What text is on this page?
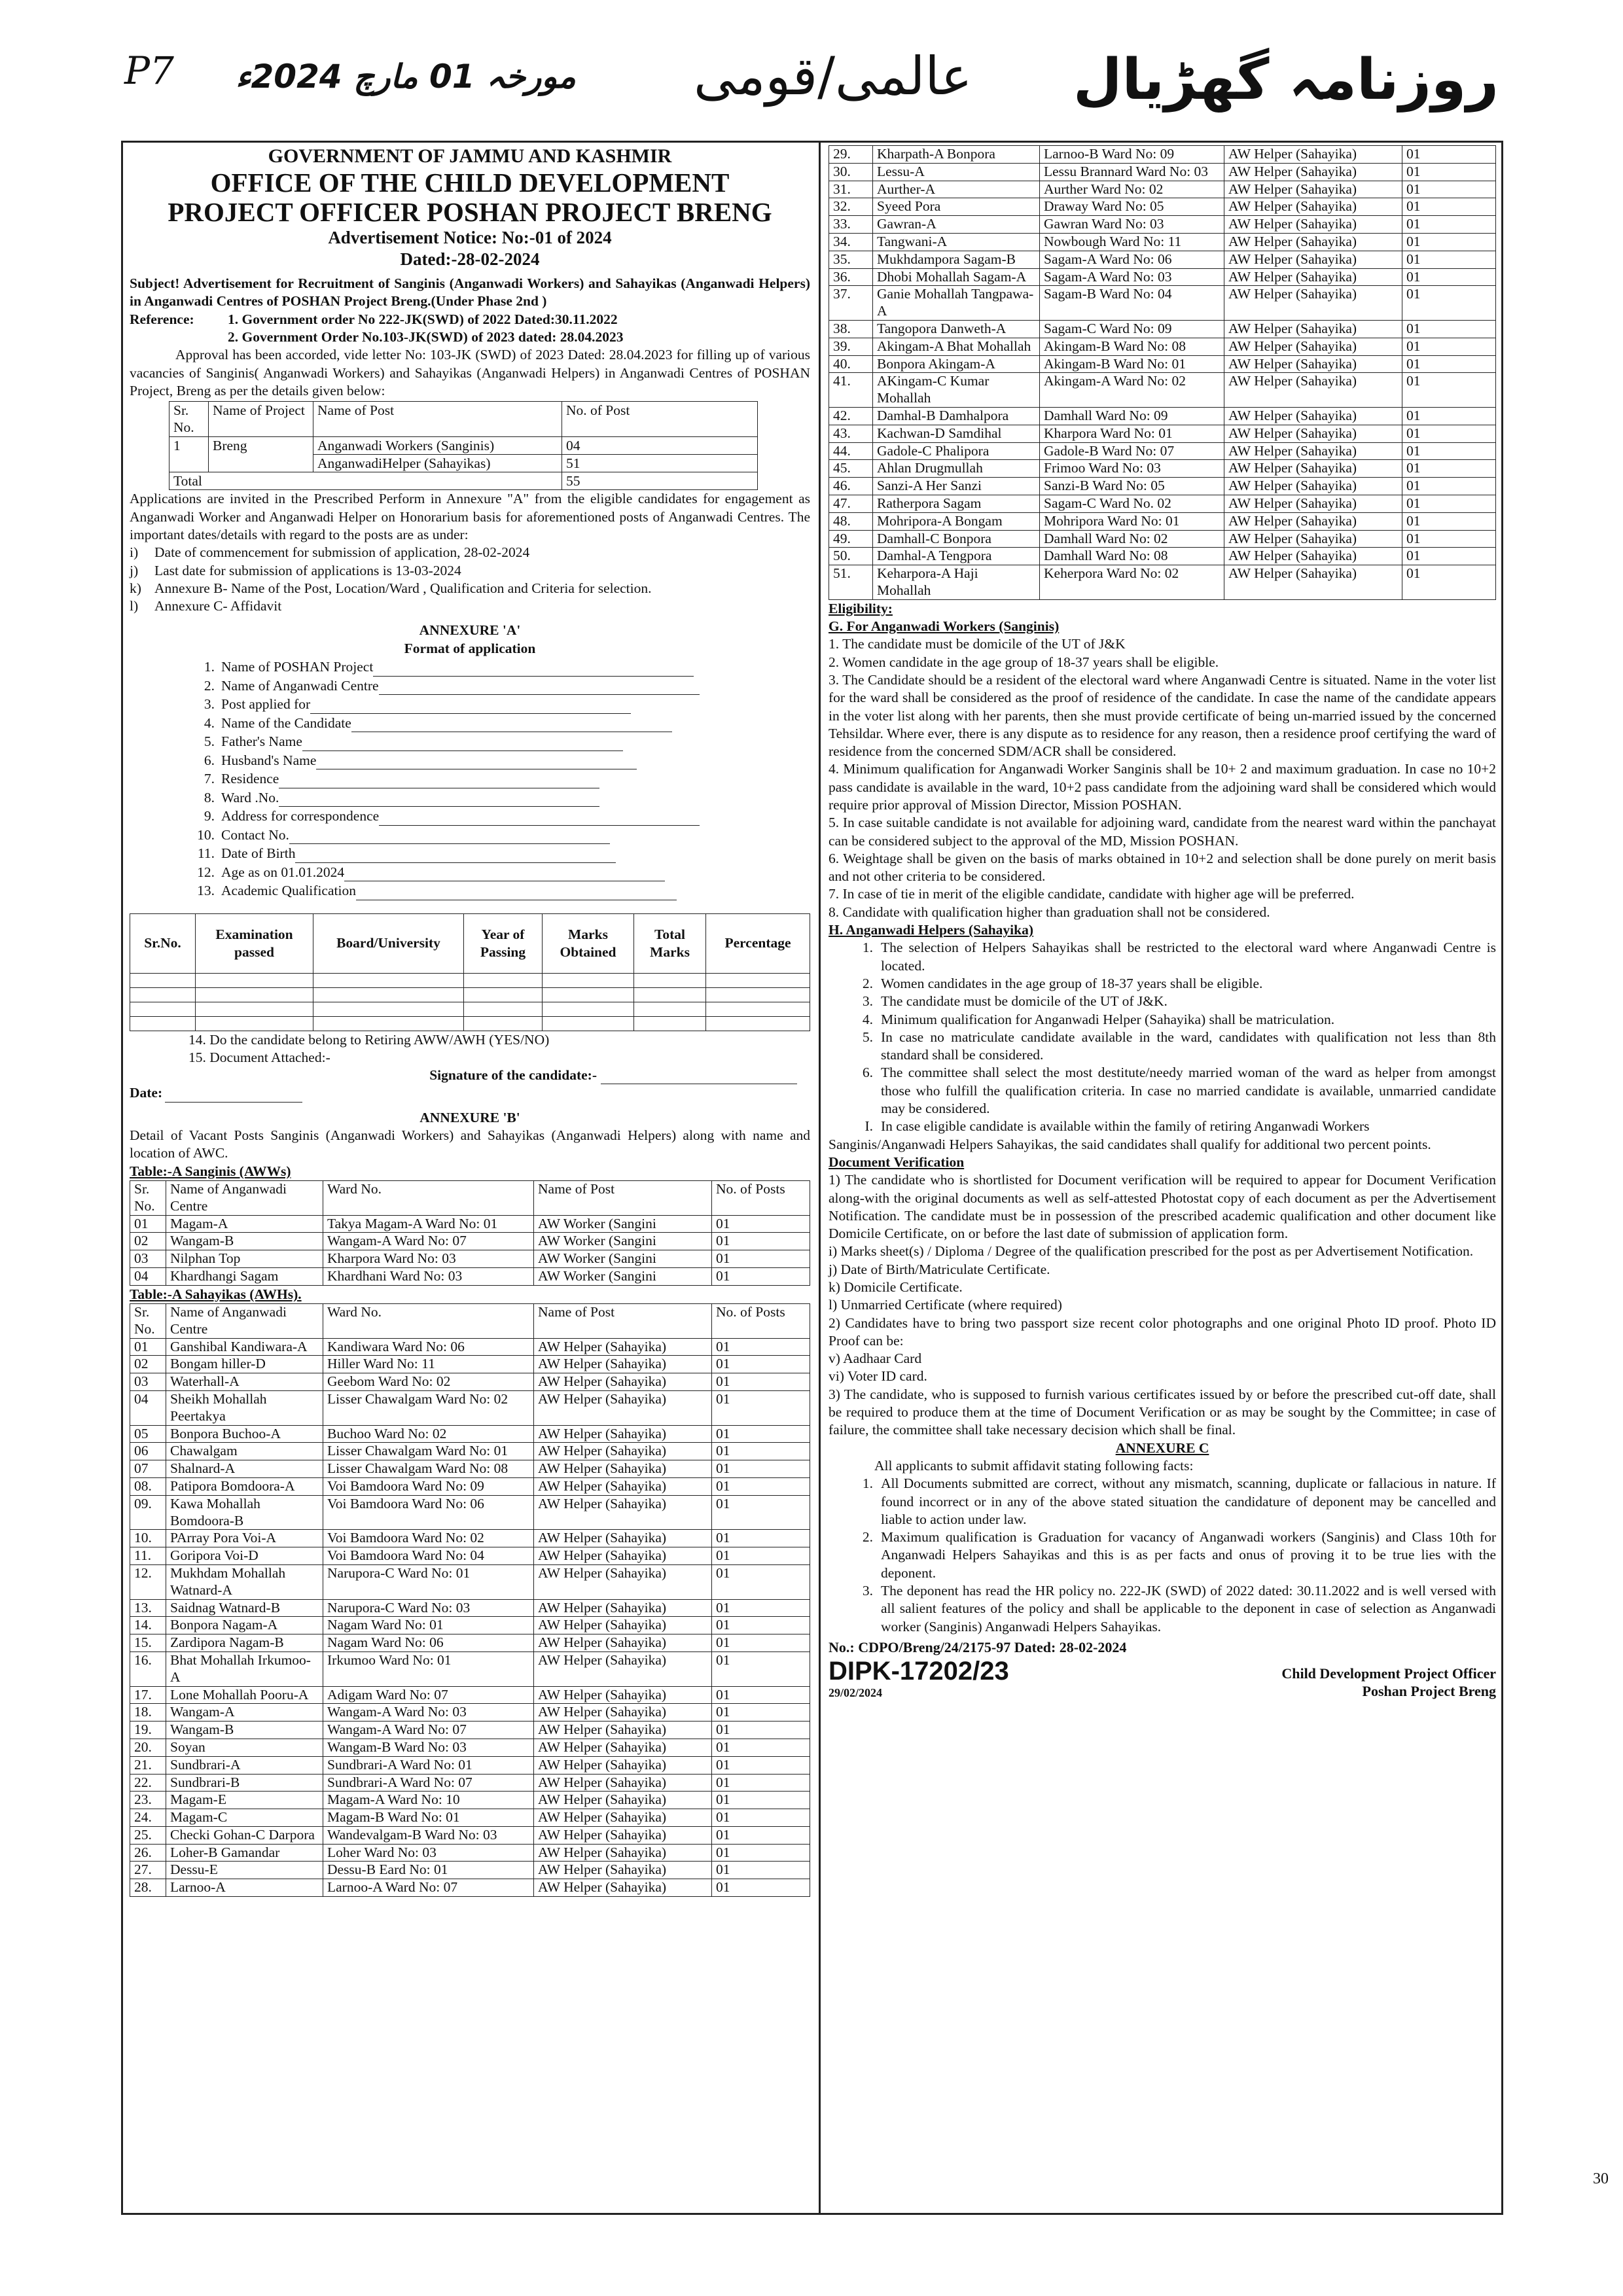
P7 مورخہ 01 مارچ 2024ء عالمی/قومی روزنامہ گھڑیال
GOVERNMENT OF JAMMU AND KASHMIR
OFFICE OF THE CHILD DEVELOPMENT
PROJECT OFFICER POSHAN PROJECT BRENG
Advertisement Notice: No:-01 of 2024
Dated:-28-02-2024

Subject! Advertisement for Recruitment of Sanginis (Anganwadi Workers) and Sahayikas (Anganwadi Helpers) in Anganwadi Centres of POSHAN Project Breng.(Under Phase 2nd )

Reference:	1. Government order No 222-JK(SWD) of 2022 Dated:30.11.2022
2. Government Order No.103-JK(SWD) of 2023 dated: 28.04.2023

Approval has been accorded, vide letter No: 103-JK (SWD) of 2023 Dated: 28.04.2023 for filling up of various vacancies of Sanginis( Anganwadi Workers) and Sahayikas (Anganwadi Helpers) in Anganwadi Centres of POSHAN Project, Breng as per the details given below:

Sr. No.	Name of Project	Name of Post	No. of Post
1	Breng	Anganwadi Workers (Sanginis)	04
		AnganwadiHelper (Sahayikas)	51
Total			55

Applications are invited in the Prescribed Perform in Annexure "A" from the eligible candidates for engagement as Anganwadi Worker and Anganwadi Helper on Honorarium basis for aforementioned posts of Anganwadi Centres. The important dates/details with regard to the posts are as under:

i)	Date of commencement for submission of application, 28-02-2024
j)	Last date for submission of applications is 13-03-2024
k) Annexure B- Name of the Post, Location/Ward , Qualification and Criteria for selection.
l)	Annexure C- Affidavit
ANNEXURE 'A'
Format of application
1. Name of POSHAN Project
2. Name of Anganwadi Centre
3. Post applied for
4. Name of the Candidate
5. Father's Name
6. Husband's Name
7. Residence
8. Ward .No.
9. Address for correspondence
10. Contact No.
11. Date of Birth
12. Age as on 01.01.2024
13. Academic Qualification
Sr.No.	Examination passed	Board/University	Year of Passing	Marks Obtained	Total Marks	Percentage

14. Do the candidate belong to Retiring AWW/AWH (YES/NO)
15. Document Attached:-
Signature of the candidate:-
Date:
ANNEXURE 'B'

Detail of Vacant Posts Sanginis (Anganwadi Workers) and Sahayikas (Anganwadi Helpers) along with name and location of AWC.

Table:-A Sanginis (AWWs)
Sr. No.	Name of Anganwadi Centre	Ward No.	Name of Post	No. of Posts
01	Magam-A	Takya Magam-A Ward No: 01	AW Worker (Sangini	01
02	Wangam-B	Wangam-A Ward No: 07	AW Worker (Sangini	01
03	Nilphan Top	Kharpora Ward No: 03	AW Worker (Sangini	01
04	Khardhangi Sagam	Khardhani Ward No: 03	AW Worker (Sangini	01
Table:-A Sahayikas (AWHs).
Sr. No.	Name of Anganwadi Centre	Ward No.	Name of Post	No. of Posts
01	Ganshibal Kandiwara-A	Kandiwara Ward No: 06	AW Helper (Sahayika)	01
02	Bongam hiller-D	Hiller Ward No: 11	AW Helper (Sahayika)	01
03	Waterhall-A	Geebom Ward No: 02	AW Helper (Sahayika)	01
04	Sheikh Mohallah Peertakya	Lisser Chawalgam Ward No: 02	AW Helper (Sahayika)	01
05	Bonpora Buchoo-A	Buchoo Ward No: 02	AW Helper (Sahayika)	01
06	Chawalgam	Lisser Chawalgam Ward No: 01	AW Helper (Sahayika)	01
07	Shalnard-A	Lisser Chawalgam Ward No: 08	AW Helper (Sahayika)	01
08.	Patipora Bomdoora-A	Voi Bamdoora Ward No: 09	AW Helper (Sahayika)	01
09.	Kawa Mohallah Bomdoora-B	Voi Bamdoora Ward No: 06	AW Helper (Sahayika)	01
10.	PArray Pora Voi-A	Voi Bamdoora Ward No: 02	AW Helper (Sahayika)	01
11.	Goripora Voi-D	Voi Bamdoora Ward No: 04	AW Helper (Sahayika)	01
12.	Mukhdam Mohallah Watnard-A	Narupora-C Ward No: 01	AW Helper (Sahayika)	01
13.	Saidnag Watnard-B	Narupora-C Ward No: 03	AW Helper (Sahayika)	01
14.	Bonpora Nagam-A	Nagam Ward No: 01	AW Helper (Sahayika)	01
15.	Zardipora Nagam-B	Nagam Ward No: 06	AW Helper (Sahayika)	01
16.	Bhat Mohallah Irkumoo-A	Irkumoo Ward No: 01	AW Helper (Sahayika)	01
17.	Lone Mohallah Pooru-A	Adigam Ward No: 07	AW Helper (Sahayika)	01
18.	Wangam-A	Wangam-A Ward No: 03	AW Helper (Sahayika)	01
19.	Wangam-B	Wangam-A Ward No: 07	AW Helper (Sahayika)	01
20.	Soyan	Wangam-B Ward No: 03	AW Helper (Sahayika)	01
21.	Sundbrari-A	Sundbrari-A Ward No: 01	AW Helper (Sahayika)	01
22.	Sundbrari-B	Sundbrari-A Ward No: 07	AW Helper (Sahayika)	01
23.	Magam-E	Magam-A Ward No: 10	AW Helper (Sahayika)	01
24.	Magam-C	Magam-B Ward No: 01	AW Helper (Sahayika)	01
25.	Checki Gohan-C Darpora	Wandevalgam-B Ward No: 03	AW Helper (Sahayika)	01
26.	Loher-B Gamandar	Loher Ward No: 03	AW Helper (Sahayika)	01
27.	Dessu-E	Dessu-B Eard No: 01	AW Helper (Sahayika)	01
28.	Larnoo-A	Larnoo-A Ward No: 07	AW Helper (Sahayika)	01
29.	Kharpath-A Bonpora	Larnoo-B Ward No: 09	AW Helper (Sahayika)	01
30.	Lessu-A	Lessu Brannard Ward No: 03	AW Helper (Sahayika)	01
31.	Aurther-A	Aurther Ward No: 02	AW Helper (Sahayika)	01
32.	Syeed Pora	Draway Ward No: 05	AW Helper (Sahayika)	01
33.	Gawran-A	Gawran Ward No: 03	AW Helper (Sahayika)	01
34.	Tangwani-A	Nowbough Ward No: 11	AW Helper (Sahayika)	01
35.	Mukhdampora Sagam-B	Sagam-A Ward No: 06	AW Helper (Sahayika)	01
36.	Dhobi Mohallah Sagam-A	Sagam-A Ward No: 03	AW Helper (Sahayika)	01
37.	Ganie Mohallah Tangpawa-A	Sagam-B Ward No: 04	AW Helper (Sahayika)	01
38.	Tangopora Danweth-A	Sagam-C Ward No: 09	AW Helper (Sahayika)	01
39.	Akingam-A Bhat Mohallah	Akingam-B Ward No: 08	AW Helper (Sahayika)	01
40.	Bonpora Akingam-A	Akingam-B Ward No: 01	AW Helper (Sahayika)	01
41.	AKingam-C Kumar Mohallah	Akingam-A Ward No: 02	AW Helper (Sahayika)	01
42.	Damhal-B Damhalpora	Damhall Ward No: 09	AW Helper (Sahayika)	01
43.	Kachwan-D Samdihal	Kharpora Ward No: 01	AW Helper (Sahayika)	01
44.	Gadole-C Phalipora	Gadole-B Ward No: 07	AW Helper (Sahayika)	01
45.	Ahlan Drugmullah	Frimoo Ward No: 03	AW Helper (Sahayika)	01
46.	Sanzi-A Her Sanzi	Sanzi-B Ward No: 05	AW Helper (Sahayika)	01
47.	Ratherpora Sagam	Sagam-C Ward No. 02	AW Helper (Sahayika)	01
48.	Mohripora-A Bongam	Mohripora Ward No: 01	AW Helper (Sahayika)	01
49.	Damhall-C Bonpora	Damhall Ward No: 02	AW Helper (Sahayika)	01
50.	Damhal-A Tengpora	Damhall Ward No: 08	AW Helper (Sahayika)	01
51.	Keharpora-A Haji Mohallah	Keherpora Ward No: 02	AW Helper (Sahayika)	01
Eligibility:
G. For Anganwadi Workers (Sanginis)

1. The candidate must be domicile of the UT of J&K

2. Women candidate in the age group of 18-37 years shall be eligible.

3. The Candidate should be a resident of the electoral ward where Anganwadi Centre is situated. Name in the voter list for the ward shall be considered as the proof of residence of the candidate. In case the name of the candidate appears in the voter list along with her parents, then she must provide certificate of being un-married issued by the concerned Tehsildar. Where ever, there is any dispute as to residence for any reason, then a residence proof certifying the ward of residence from the concerned SDM/ACR shall be considered.

4. Minimum qualification for Anganwadi Worker Sanginis shall be 10+ 2 and maximum graduation. In case no 10+2 pass candidate is available in the ward, 10+2 pass candidate from the adjoining ward shall be considered which would require prior approval of Mission Director, Mission POSHAN.

5. In case suitable candidate is not available for adjoining ward, candidate from the nearest ward within the panchayat can be considered subject to the approval of the MD, Mission POSHAN.

6. Weightage shall be given on the basis of marks obtained in 10+2 and selection shall be done purely on merit basis and not other criteria to be considered.

7. In case of tie in merit of the eligible candidate, candidate with higher age will be preferred.

8. Candidate with qualification higher than graduation shall not be considered.

H. Anganwadi Helpers (Sahayika)
1. The selection of Helpers Sahayikas shall be restricted to the electoral ward where Anganwadi Centre is located.
2. Women candidates in the age group of 18-37 years shall be eligible.
3. The candidate must be domicile of the UT of J&K.
4. Minimum qualification for Anganwadi Helper (Sahayika) shall be matriculation.
5. In case no matriculate candidate available in the ward, candidates with qualification not less than 8th standard shall be considered.
6. The committee shall select the most destitute/needy married woman of the ward as helper from amongst those who fulfill the qualification criteria. In case no married candidate is available, unmarried candidate may be considered.
I. In case eligible candidate is available within the family of retiring Anganwadi Workers

Sanginis/Anganwadi Helpers Sahayikas, the said candidates shall qualify for additional two percent points.

Document Verification

1) The candidate who is shortlisted for Document verification will be required to appear for Document Verification along-with the original documents as well as self-attested Photostat copy of each document as per the Advertisement Notification. The candidate must be in possession of the prescribed academic qualification and other document like Domicile Certificate, on or before the last date of submission of application form.

i) Marks sheet(s) / Diploma / Degree of the qualification prescribed for the post as per Advertisement Notification.

j) Date of Birth/Matriculate Certificate.

k) Domicile Certificate.

l) Unmarried Certificate (where required)

2) Candidates have to bring two passport size recent color photographs and one original Photo ID proof. Photo ID Proof can be:

v) Aadhaar Card

vi) Voter ID card.

3) The candidate, who is supposed to furnish various certificates issued by or before the prescribed cut-off date, shall be required to produce them at the time of Document Verification or as may be sought by the Committee; in case of failure, the committee shall take necessary decision which shall be final.

ANNEXURE C

All applicants to submit affidavit stating following facts:

1. All Documents submitted are correct, without any mismatch, scanning, duplicate or fallacious in nature. If found incorrect or in any of the above stated situation the candidature of deponent may be cancelled and liable to action under law.
2. Maximum qualification is Graduation for vacancy of Anganwadi workers (Sanginis) and Class 10th for Anganwadi Helpers Sahayikas and this is as per facts and onus of proving it to be true lies with the deponent.
3. The deponent has read the HR policy no. 222-JK (SWD) of 2022 dated: 30.11.2022 and is well versed with all salient features of the policy and shall be applicable to the deponent in case of selection as Anganwadi worker (Sanginis) Anganwadi Helpers Sahayikas.
No.: CDPO/Breng/24/2175-97 Dated: 28-02-2024
DIPK-17202/23
29/02/2024
Child Development Project Officer
Poshan Project Breng
30
